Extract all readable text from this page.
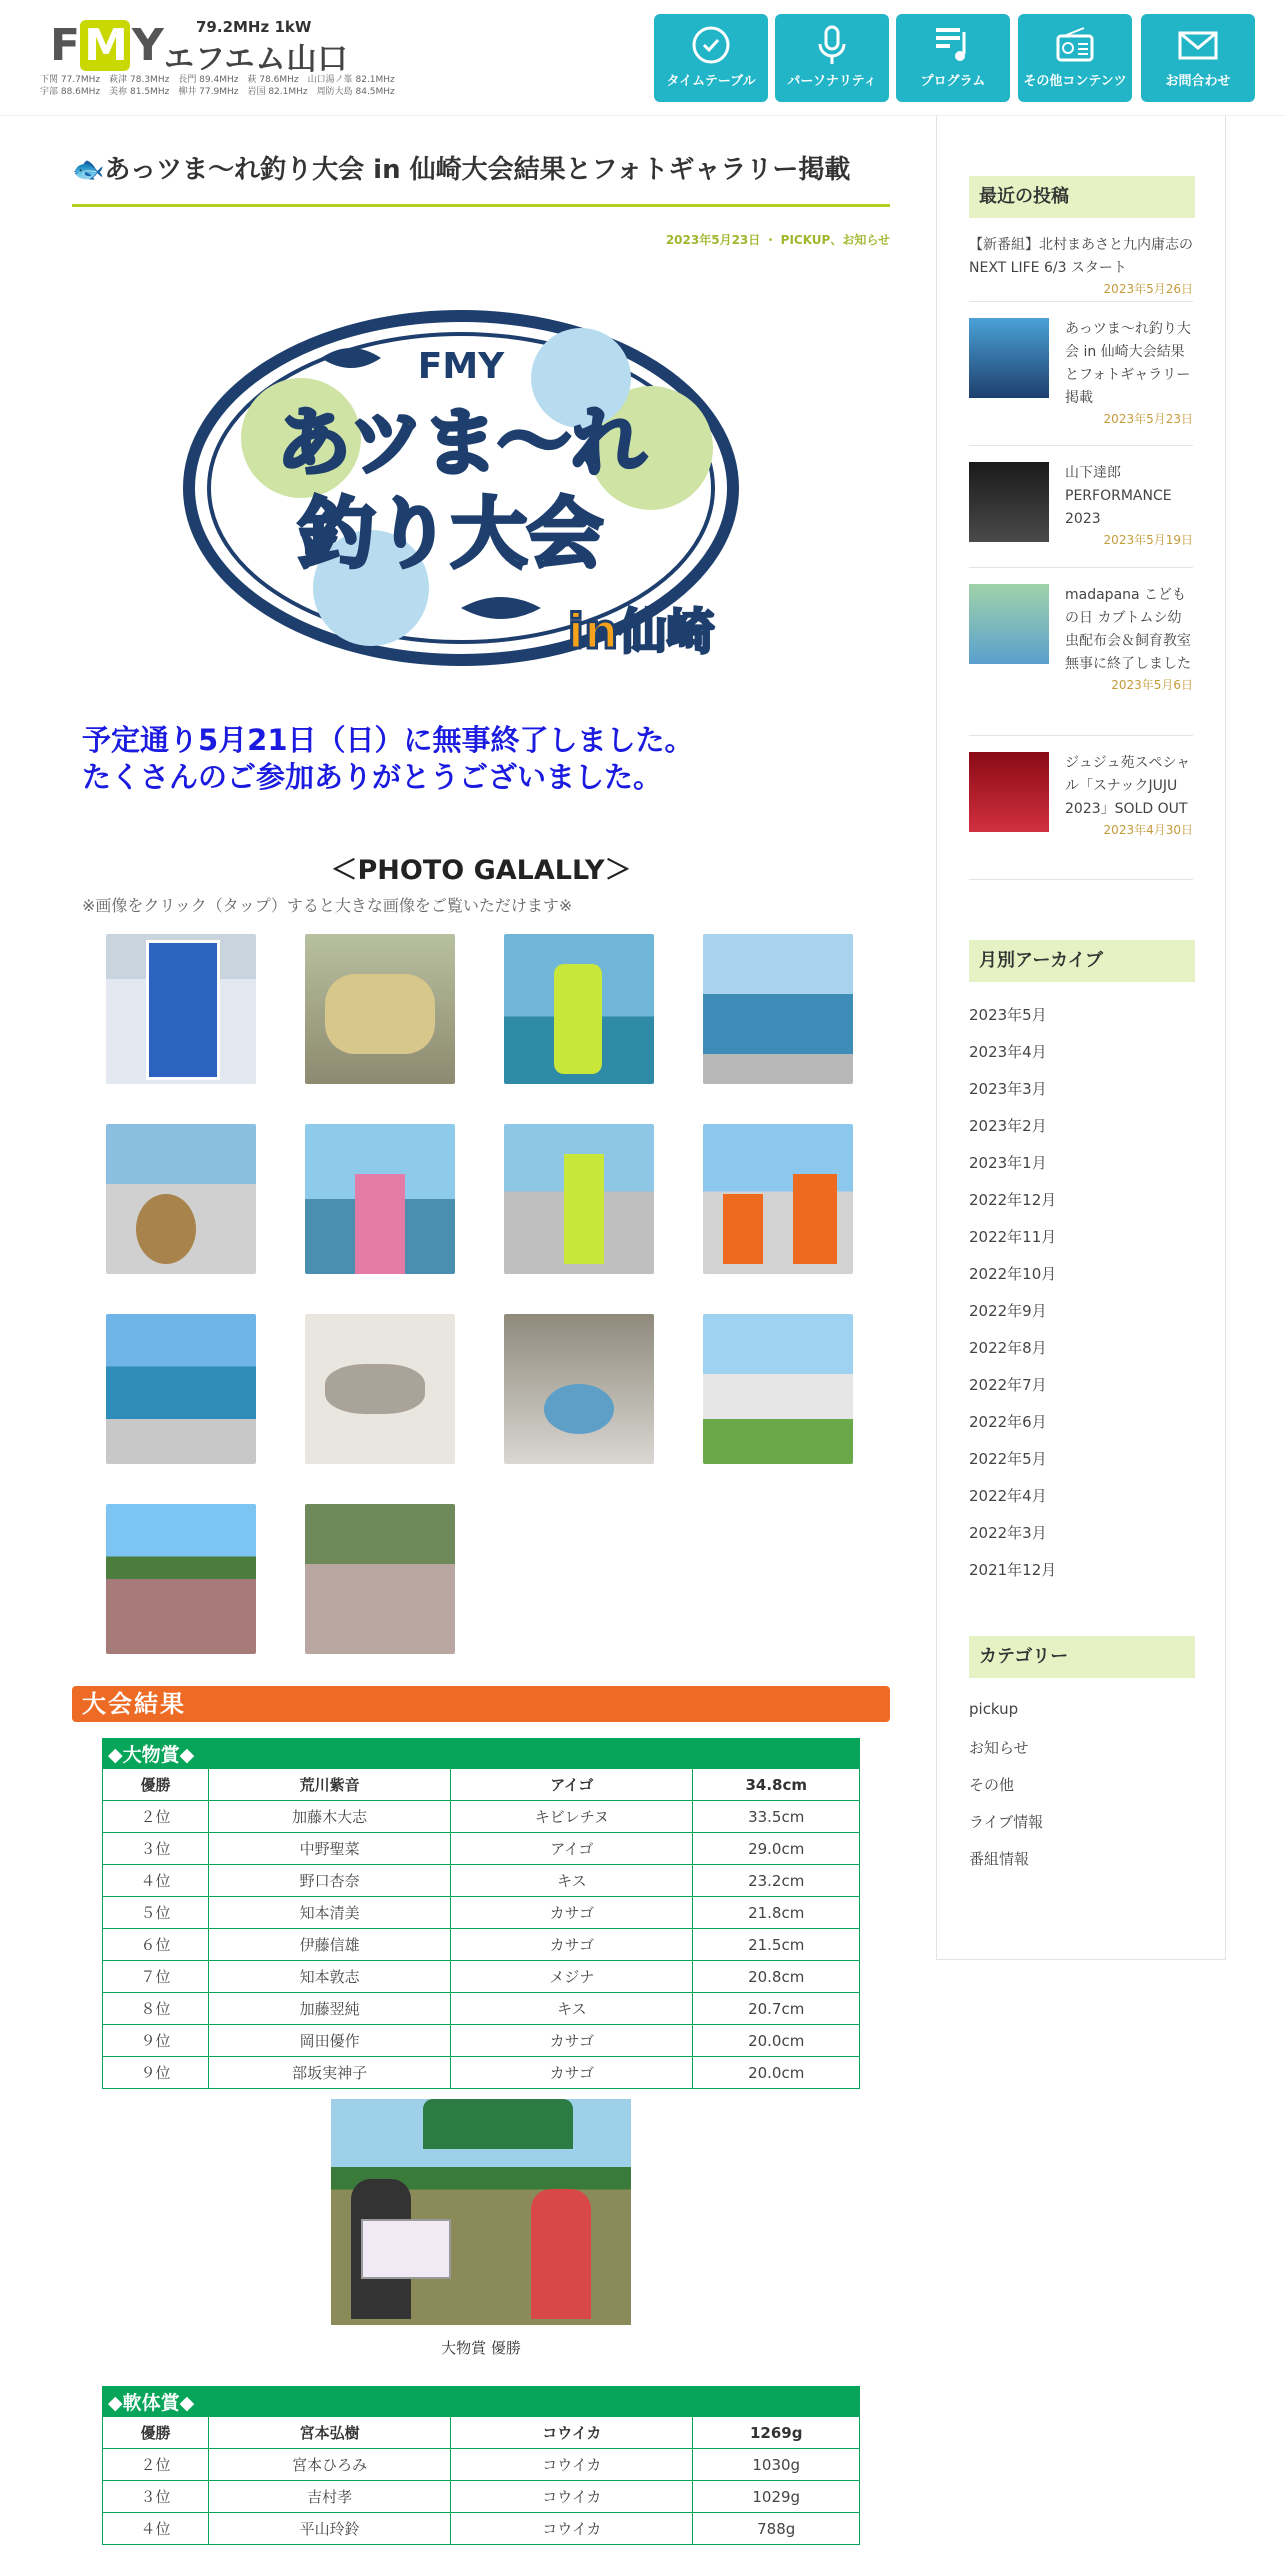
79.2MHz 1kW
F M Y エフエム山口
下関 77.7MHz　萩津 78.3MHz　長門 89.4MHz　萩 78.6MHz　山口湯ノ峯 82.1MHz
宇部 88.6MHz　美祢 81.5MHz　柳井 77.9MHz　岩国 82.1MHz　周防大島 84.5MHz
タイムテーブル	パーソナリティ	プログラム	その他コンテンツ	お問合わせ
🐟あっツま～れ釣り大会 in 仙崎大会結果とフォトギャラリー掲載
2023年5月23日 ・ PICKUP、お知らせ
FMY
あツま～れ
釣り大会
in仙崎
予定通り5月21日（日）に無事終了しました。
たくさんのご参加ありがとうございました。
＜PHOTO GALALLY＞
※画像をクリック（タップ）すると大きな画像をご覧いただけます※
大会結果
◆大物賞◆
優勝	荒川紫音	アイゴ	34.8cm
２位	加藤木大志	キビレチヌ	33.5cm
３位	中野聖菜	アイゴ	29.0cm
４位	野口杏奈	キス	23.2cm
５位	知本清美	カサゴ	21.8cm
６位	伊藤信雄	カサゴ	21.5cm
７位	知本敦志	メジナ	20.8cm
８位	加藤翌純	キス	20.7cm
９位	岡田優作	カサゴ	20.0cm
９位	部坂実神子	カサゴ	20.0cm
大物賞 優勝
◆軟体賞◆
優勝	宮本弘樹	コウイカ	1269g
２位	宮本ひろみ	コウイカ	1030g
３位	吉村孝	コウイカ	1029g
４位	平山玲鈴	コウイカ	788g
最近の投稿
【新番組】北村まあさと九内庸志のNEXT LIFE 6/3 スタート
2023年5月26日
あっツま～れ釣り大会 in 仙崎大会結果とフォトギャラリー掲載
2023年5月23日
山下達郎 PERFORMANCE 2023
2023年5月19日
madapana こどもの日 カブトムシ幼虫配布会＆飼育教室 無事に終了しました
2023年5月6日
ジュジュ苑スペシャル「スナックJUJU 2023」SOLD OUT
2023年4月30日
月別アーカイブ
2023年5月
2023年4月
2023年3月
2023年2月
2023年1月
2022年12月
2022年11月
2022年10月
2022年9月
2022年8月
2022年7月
2022年6月
2022年5月
2022年4月
2022年3月
2021年12月
カテゴリー
pickup
お知らせ
その他
ライブ情報
番組情報
